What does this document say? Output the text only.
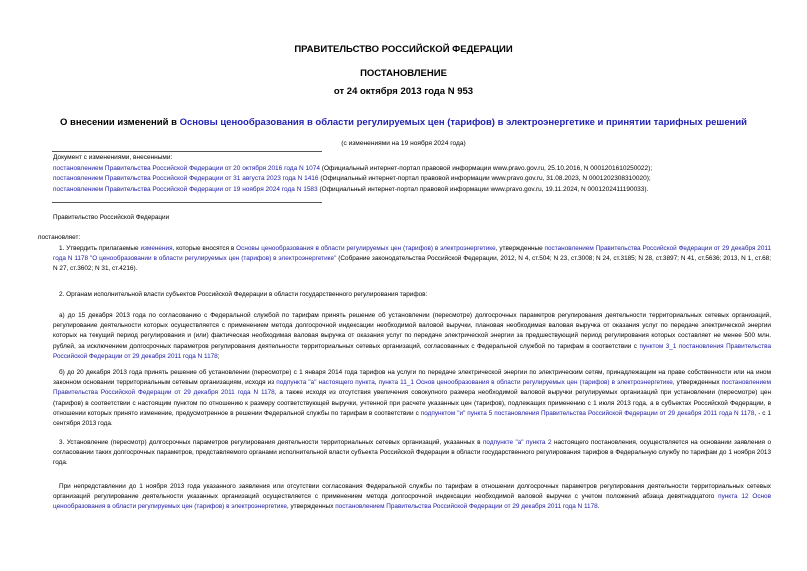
ПРАВИТЕЛЬСТВО РОССИЙСКОЙ ФЕДЕРАЦИИ
ПОСТАНОВЛЕНИЕ
от 24 октября 2013 года N 953
О внесении изменений в Основы ценообразования в области регулируемых цен (тарифов) в электроэнергетике и принятии тарифных решений
(с изменениями на 19 ноября 2024 года)
Документ с изменениями, внесенными:
постановлением Правительства Российской Федерации от 20 октября 2016 года N 1074 (Официальный интернет-портал правовой информации www.pravo.gov.ru, 25.10.2016, N 0001201610250022);
постановлением Правительства Российской Федерации от 31 августа 2023 года N 1416 (Официальный интернет-портал правовой информации www.pravo.gov.ru, 31.08.2023, N 0001202308310020);
постановлением Правительства Российской Федерации от 19 ноября 2024 года N 1583 (Официальный интернет-портал правовой информации www.pravo.gov.ru, 19.11.2024, N 0001202411190033).
Правительство Российской Федерации
постановляет:
1. Утвердить прилагаемые изменения, которые вносятся в Основы ценообразования в области регулируемых цен (тарифов) в электроэнергетике, утвержденные постановлением Правительства Российской Федерации от 29 декабря 2011 года N 1178 "О ценообразовании в области регулируемых цен (тарифов) в электроэнергетике" (Собрание законодательства Российской Федерации, 2012, N 4, ст.504; N 23, ст.3008; N 24, ст.3185; N 28, ст.3897; N 41, ст.5636; 2013, N 1, ст.68; N 27, ст.3602; N 31, ст.4216).
2. Органам исполнительной власти субъектов Российской Федерации в области государственного регулирования тарифов:
а) до 15 декабря 2013 года по согласованию с Федеральной службой по тарифам принять решение об установлении (пересмотре) долгосрочных параметров регулирования деятельности территориальных сетевых организаций, регулирование деятельности которых осуществляется с применением метода долгосрочной индексации необходимой валовой выручки, плановая необходимая валовая выручка от оказания услуг по передаче электрической энергии которых на текущий период регулирования и (или) фактическая необходимая валовая выручка от оказания услуг по передаче электрической энергии за предшествующий период регулирования которых составляет не менее 500 млн. рублей, за исключением долгосрочных параметров регулирования деятельности территориальных сетевых организаций, согласованных с Федеральной службой по тарифам в соответствии с пунктом 3_1 постановления Правительства Российской Федерации от 29 декабря 2011 года N 1178;
б) до 20 декабря 2013 года принять решение об установлении (пересмотре) с 1 января 2014 года тарифов на услуги по передаче электрической энергии по электрическим сетям, принадлежащим на праве собственности или на ином законном основании территориальным сетевым организациям, исходя из подпункта "а" настоящего пункта, пункта 11_1 Основ ценообразования в области регулируемых цен (тарифов) в электроэнергетике, утвержденных постановлением Правительства Российской Федерации от 29 декабря 2011 года N 1178, а также исходя из отсутствия увеличения совокупного размера необходимой валовой выручки регулируемых организаций при установлении (пересмотре) цен (тарифов) в соответствии с настоящим пунктом по отношению к размеру соответствующей выручки, учтенной при расчете указанных цен (тарифов), подлежащих применению с 1 июля 2013 года, а в субъектах Российской Федерации, в отношении которых принято изменение, предусмотренное в решении Федеральной службы по тарифам в соответствии с подпунктом "и" пункта 5 постановления Правительства Российской Федерации от 29 декабря 2011 года N 1178, - с 1 сентября 2013 года.
3. Установление (пересмотр) долгосрочных параметров регулирования деятельности территориальных сетевых организаций, указанных в подпункте "а" пункта 2 настоящего постановления, осуществляется на основании заявления о согласовании таких долгосрочных параметров, представляемого органами исполнительной власти субъекта Российской Федерации в области государственного регулирования тарифов в Федеральную службу по тарифам до 1 ноября 2013 года.
При непредставлении до 1 ноября 2013 года указанного заявления или отсутствии согласования Федеральной службы по тарифам в отношении долгосрочных параметров регулирования деятельности территориальных сетевых организаций регулирование деятельности указанных организаций осуществляется с применением метода долгосрочной индексации необходимой валовой выручки с учетом положений абзаца девятнадцатого пункта 12 Основ ценообразования в области регулируемых цен (тарифов) в электроэнергетике, утвержденных постановлением Правительства Российской Федерации от 29 декабря 2011 года N 1178.
